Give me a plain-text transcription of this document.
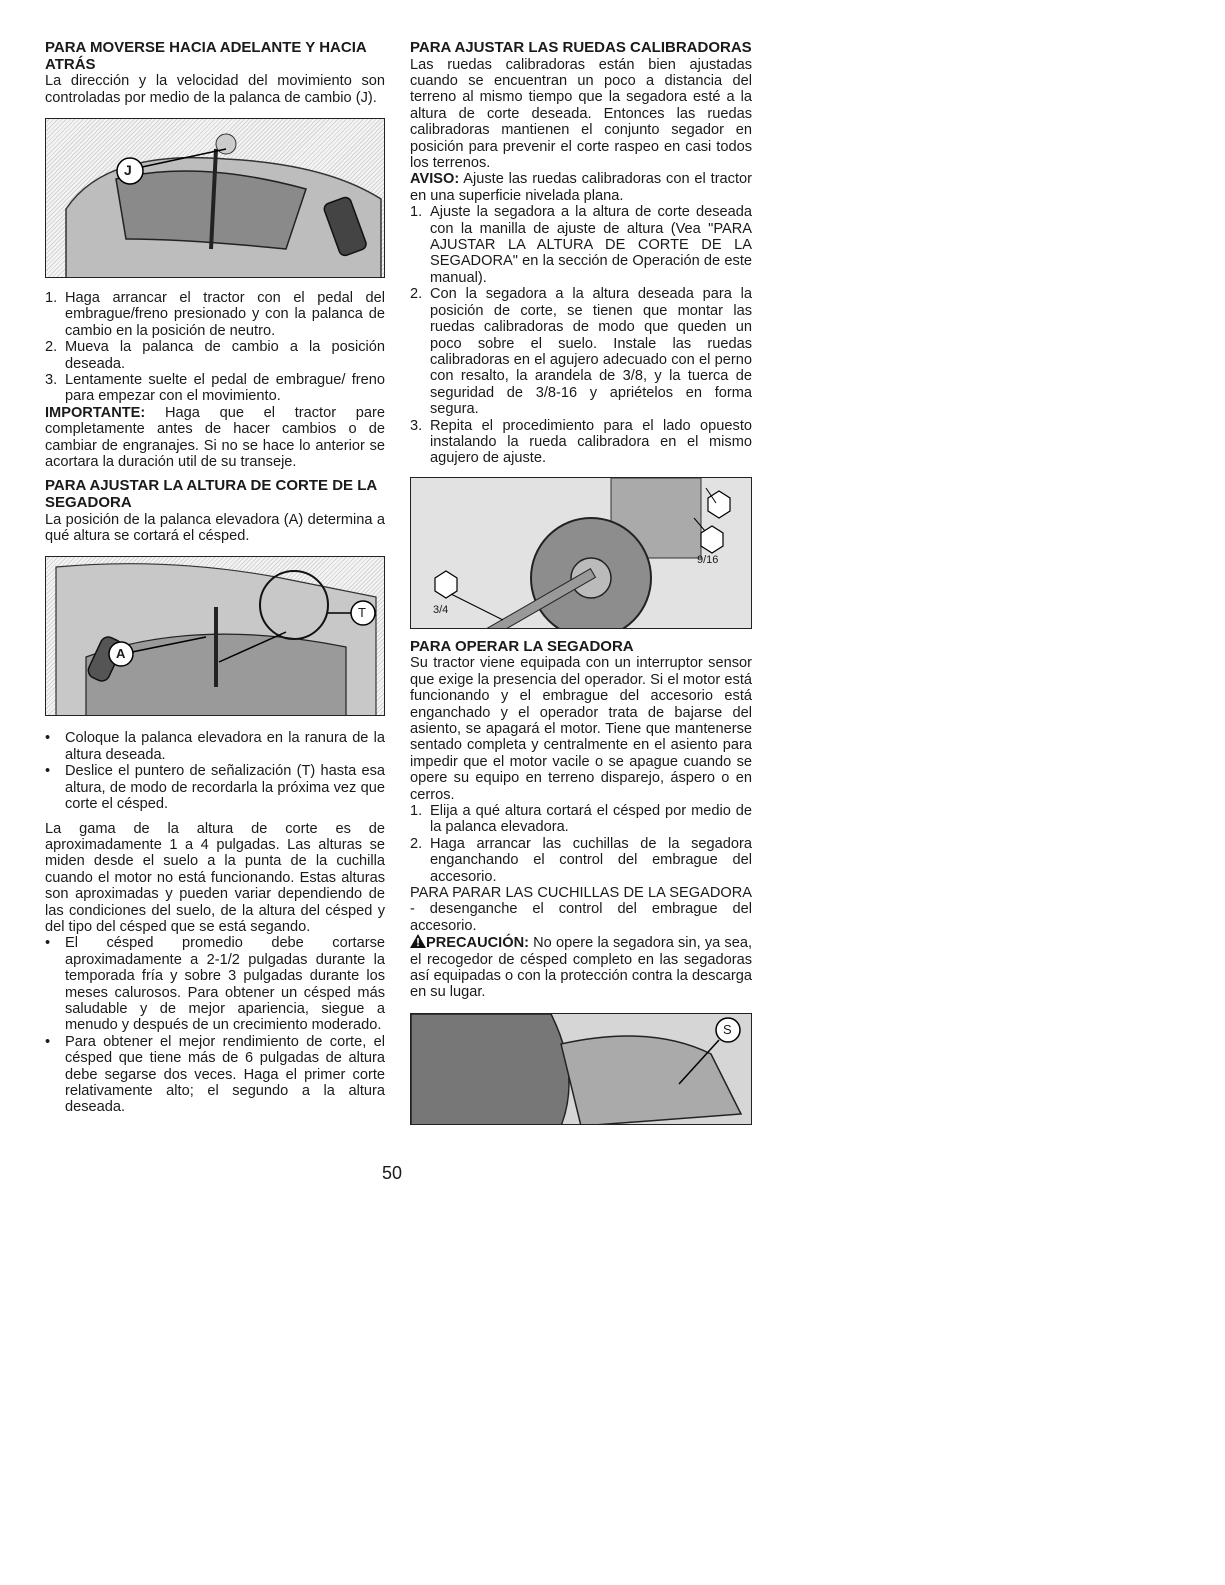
PARA MOVERSE HACIA ADELANTE Y HACIA ATRÁS

La dirección y la velocidad del movimiento son controladas por medio de la palanca de cambio (J).

J
1. Haga arrancar el tractor con el pedal del embrague/freno presionado y con la palanca de cambio en la posición de neutro.
2. Mueva la palanca de cambio a la posición deseada.
3. Lentamente suelte el pedal de embrague/ freno para empezar con el movimiento.

IMPORTANTE: Haga que el tractor pare completamente antes de hacer cambios o de cambiar de engranajes. Si no se hace lo anterior se acortara la duración util de su transeje.

PARA AJUSTAR LA ALTURA DE CORTE DE LA SEGADORA

La posición de la palanca elevadora (A) determina a qué altura se cortará el césped.

A
T
• Coloque la palanca elevadora en la ranura de la altura deseada.
• Deslice el puntero de señalización (T) hasta esa altura, de modo de recordarla la próxima vez que corte el césped.

La gama de la altura de corte es de aproximadamente 1 a 4 pulgadas. Las alturas se miden desde el suelo a la punta de la cuchilla cuando el motor no está funcionando. Estas alturas son aproximadas y pueden variar dependiendo de las condiciones del suelo, de la altura del césped y del tipo del césped que se está segando.

• El césped promedio debe cortarse aproximadamente a 2-1/2 pulgadas durante la temporada fría y sobre 3 pulgadas durante los meses calurosos. Para obtener un césped más saludable y de mejor apariencia, siegue a menudo y después de un crecimiento moderado.
• Para obtener el mejor rendimiento de corte, el césped que tiene más de 6 pulgadas de altura debe segarse dos veces. Haga el primer corte relativamente alto; el segundo a la altura deseada.
PARA AJUSTAR LAS RUEDAS CALIBRADORAS

Las ruedas calibradoras están bien ajustadas cuando se encuentran un poco a distancia del terreno al mismo tiempo que la segadora esté a la altura de corte deseada. Entonces las ruedas calibradoras mantienen el conjunto segador en posición para prevenir el corte raspeo en casi todos los terrenos.

AVISO: Ajuste las ruedas calibradoras con el tractor en una superficie nivelada plana.

1. Ajuste la segadora a la altura de corte deseada con la manilla de ajuste de altura (Vea "PARA AJUSTAR LA ALTURA DE CORTE DE LA SEGADORA" en la sección de Operación de este manual).
2. Con la segadora a la altura deseada para la posición de corte, se tienen que montar las ruedas calibradoras de modo que queden un poco sobre el suelo. Instale las ruedas calibradoras en el agujero adecuado con el perno con resalto, la arandela de 3/8, y la tuerca de seguridad de 3/8-16 y apriételos en forma segura.
3. Repita el procedimiento para el lado opuesto instalando la rueda calibradora en el mismo agujero de ajuste.
9/16
3/4
PARA OPERAR LA SEGADORA

Su tractor viene equipada con un interruptor sensor que exige la presencia del operador. Si el motor está funcionando y el embrague del accesorio está enganchado y el operador trata de bajarse del asiento, se apagará el motor. Tiene que mantenerse sentado completa y centralmente en el asiento para impedir que el motor vacile o se apague cuando se opere su equipo en terreno disparejo, áspero o en cerros.

1. Elija a qué altura cortará el césped por medio de la palanca elevadora.
2. Haga arrancar las cuchillas de la segadora enganchando el control del embrague del accesorio.

PARA PARAR LAS CUCHILLAS DE LA SEGADORA - desenganche el control del embrague del accesorio.

PRECAUCIÓN: No opere la segadora sin, ya sea, el recogedor de césped completo en las segadoras así equipadas o con la protección contra la descarga en su lugar.

S
50
